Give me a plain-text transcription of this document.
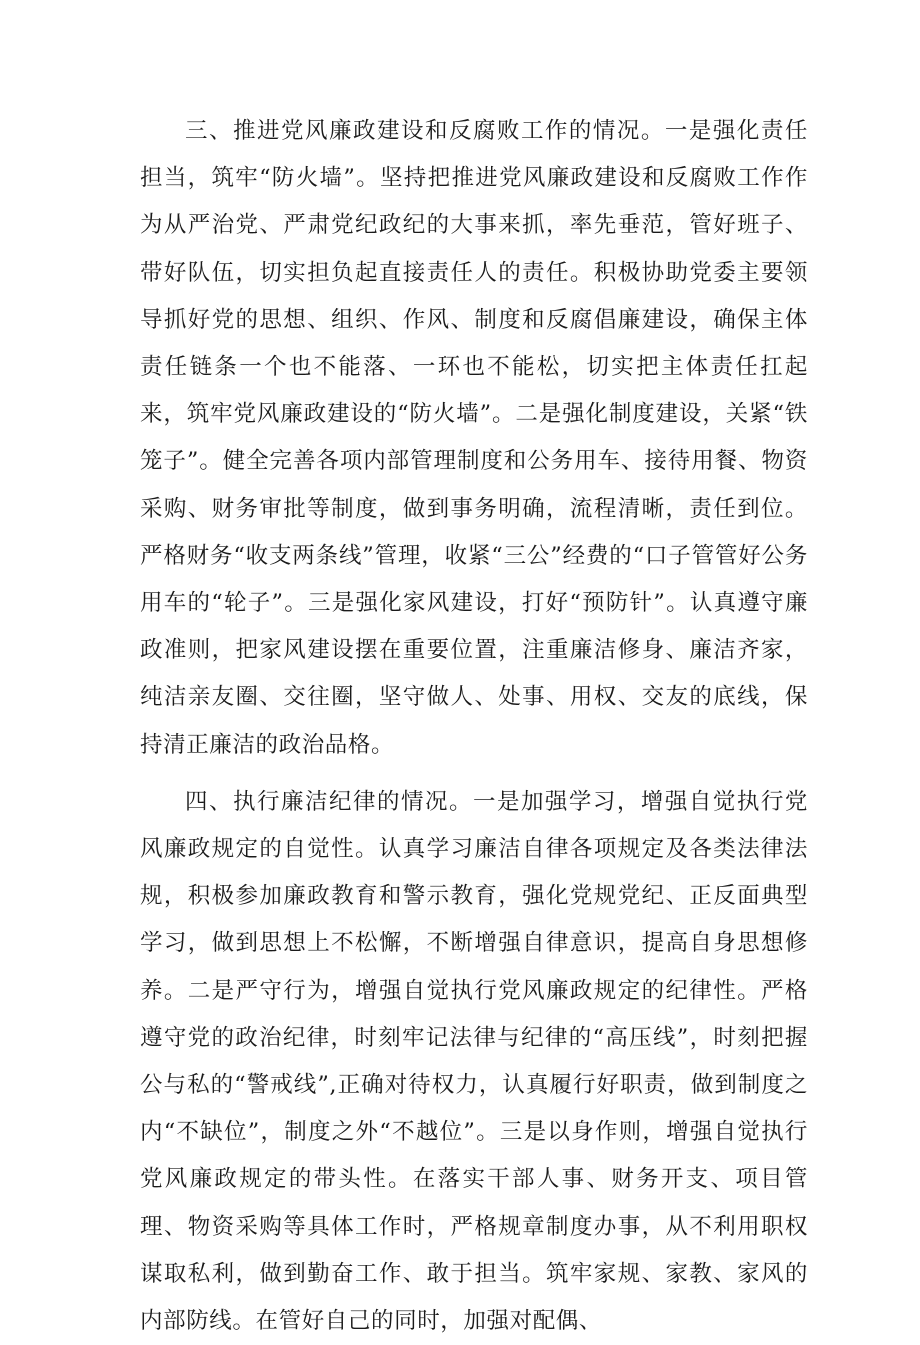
三、推进党风廉政建设和反腐败工作的情况。一是强化责任担当，筑牢“防火墙”。坚持把推进党风廉政建设和反腐败工作作为从严治党、严肃党纪政纪的大事来抓，率先垂范，管好班子、带好队伍，切实担负起直接责任人的责任。积极协助党委主要领导抓好党的思想、组织、作风、制度和反腐倡廉建设，确保主体责任链条一个也不能落、一环也不能松，切实把主体责任扛起来，筑牢党风廉政建设的“防火墙”。二是强化制度建设，关紧“铁笼子”。健全完善各项内部管理制度和公务用车、接待用餐、物资采购、财务审批等制度，做到事务明确，流程清晰，责任到位。严格财务“收支两条线”管理，收紧“三公”经费的“口子管管好公务用车的“轮子”。三是强化家风建设，打好“预防针”。认真遵守廉政准则，把家风建设摆在重要位置，注重廉洁修身、廉洁齐家，纯洁亲友圈、交往圈，坚守做人、处事、用权、交友的底线，保持清正廉洁的政治品格。

四、执行廉洁纪律的情况。一是加强学习，增强自觉执行党风廉政规定的自觉性。认真学习廉洁自律各项规定及各类法律法规，积极参加廉政教育和警示教育，强化党规党纪、正反面典型学习，做到思想上不松懈，不断增强自律意识，提高自身思想修养。二是严守行为，增强自觉执行党风廉政规定的纪律性。严格遵守党的政治纪律，时刻牢记法律与纪律的“高压线”，时刻把握公与私的“警戒线”,正确对待权力，认真履行好职责，做到制度之内“不缺位”，制度之外“不越位”。三是以身作则，增强自觉执行党风廉政规定的带头性。在落实干部人事、财务开支、项目管理、物资采购等具体工作时，严格规章制度办事，从不利用职权谋取私利，做到勤奋工作、敢于担当。筑牢家规、家教、家风的内部防线。在管好自己的同时，加强对配偶、
